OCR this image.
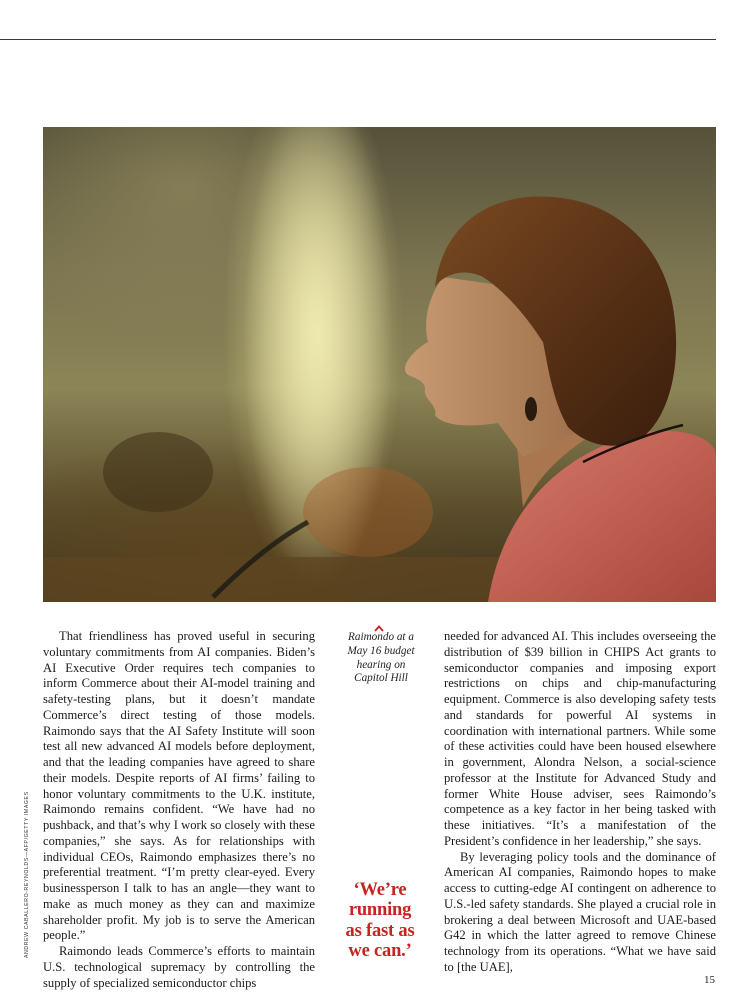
That friendliness has proved useful in securing voluntary commitments from AI companies. Biden’s AI Executive Order requires tech companies to inform Commerce about their AI-model training and safety-testing plans, but it doesn’t mandate Commerce’s direct testing of those models. Raimondo says that the AI Safety Institute will soon test all new advanced AI models before deployment, and that the leading companies have agreed to share their models. Despite reports of AI firms’ failing to honor voluntary commitments to the U.K. institute, Raimondo remains confident. “We have had no pushback, and that’s why I work so closely with these companies,” she says. As for relationships with individual CEOs, Raimondo emphasizes there’s no preferential treatment. “I’m pretty clear-eyed. Every businessperson I talk to has an angle—they want to make as much money as they can and maximize shareholder profit. My job is to serve the American people.”

Raimondo leads Commerce’s efforts to maintain U.S. technological supremacy by controlling the supply of specialized semiconductor chips

Raimondo at a
May 16 budget
hearing on
Capitol Hill
‘We’re
running
as fast as
we can.’

needed for advanced AI. This includes overseeing the distribution of $39 billion in CHIPS Act grants to semiconductor companies and imposing export restrictions on chips and chip-manufacturing equipment. Commerce is also developing safety tests and standards for powerful AI systems in coordination with international partners. While some of these activities could have been housed elsewhere in government, Alondra Nelson, a social-science professor at the Institute for Advanced Study and former White House adviser, sees Raimondo’s competence as a key factor in her being tasked with these initiatives. “It’s a manifestation of the President’s confidence in her leadership,” she says.

By leveraging policy tools and the dominance of American AI companies, Raimondo hopes to make access to cutting-edge AI contingent on adherence to U.S.-led safety standards. She played a crucial role in brokering a deal between Microsoft and UAE-based G42 in which the latter agreed to remove Chinese technology from its operations. “What we have said to [the UAE],

ANDREW CABALLERO-REYNOLDS—AFP/GETTY IMAGES
15
